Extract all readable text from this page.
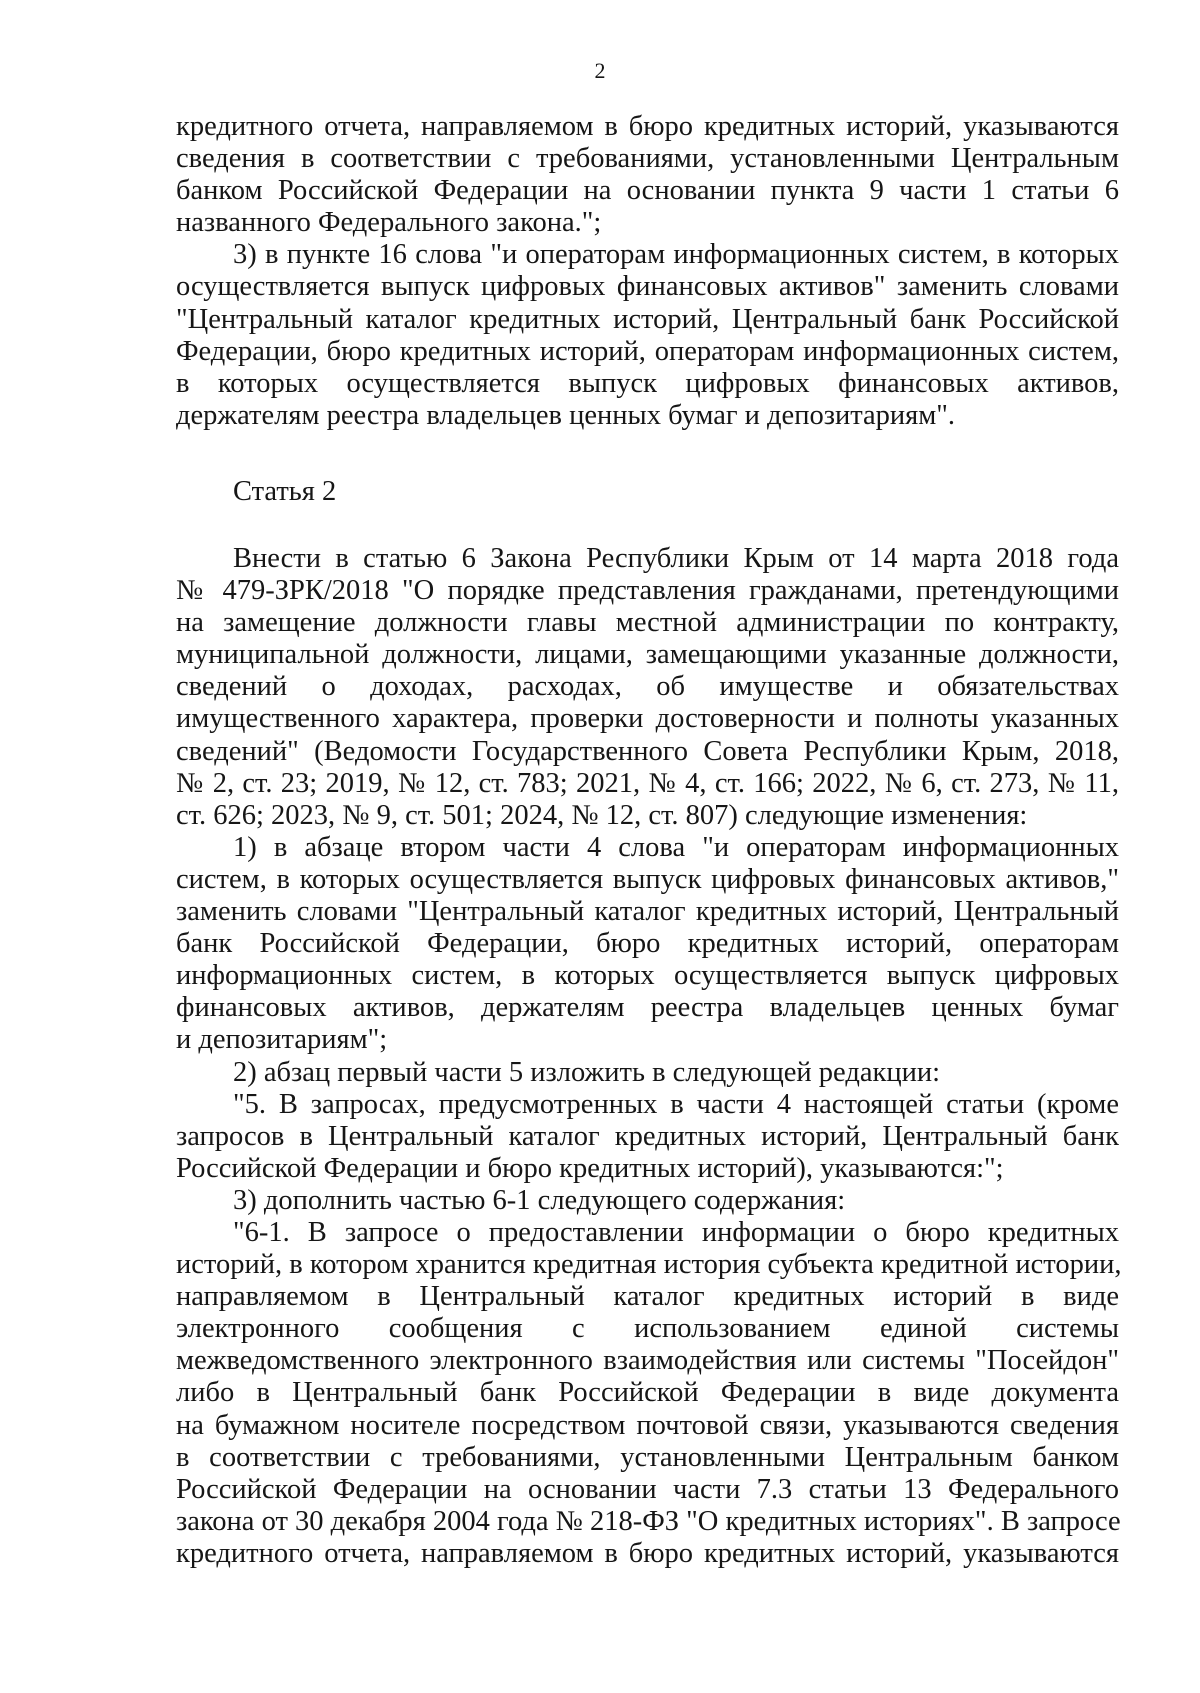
2
кредитного отчета, направляемом в бюро кредитных историй, указываются
сведения в соответствии с требованиями, установленными Центральным
банком Российской Федерации на основании пункта 9 части 1 статьи 6
названного Федерального закона.";
3) в пункте 16 слова "и операторам информационных систем, в которых
осуществляется выпуск цифровых финансовых активов" заменить словами
"Центральный каталог кредитных историй, Центральный банк Российской
Федерации, бюро кредитных историй, операторам информационных систем,
в которых осуществляется выпуск цифровых финансовых активов,
держателям реестра владельцев ценных бумаг и депозитариям".
Статья 2
Внести в статью 6 Закона Республики Крым от 14 марта 2018 года
№ 479-ЗРК/2018 "О порядке представления гражданами, претендующими
на замещение должности главы местной администрации по контракту,
муниципальной должности, лицами, замещающими указанные должности,
сведений о доходах, расходах, об имуществе и обязательствах
имущественного характера, проверки достоверности и полноты указанных
сведений" (Ведомости Государственного Совета Республики Крым, 2018,
№ 2, ст. 23; 2019, № 12, ст. 783; 2021, № 4, ст. 166; 2022, № 6, ст. 273, № 11,
ст. 626; 2023, № 9, ст. 501; 2024, № 12, ст. 807) следующие изменения:
1) в абзаце втором части 4 слова "и операторам информационных
систем, в которых осуществляется выпуск цифровых финансовых активов,"
заменить словами "Центральный каталог кредитных историй, Центральный
банк Российской Федерации, бюро кредитных историй, операторам
информационных систем, в которых осуществляется выпуск цифровых
финансовых активов, держателям реестра владельцев ценных бумаг
и депозитариям";
2) абзац первый части 5 изложить в следующей редакции:
"5. В запросах, предусмотренных в части 4 настоящей статьи (кроме
запросов в Центральный каталог кредитных историй, Центральный банк
Российской Федерации и бюро кредитных историй), указываются:";
3) дополнить частью 6-1 следующего содержания:
"6-1. В запросе о предоставлении информации о бюро кредитных
историй, в котором хранится кредитная история субъекта кредитной истории,
направляемом в Центральный каталог кредитных историй в виде
электронного сообщения с использованием единой системы
межведомственного электронного взаимодействия или системы "Посейдон"
либо в Центральный банк Российской Федерации в виде документа
на бумажном носителе посредством почтовой связи, указываются сведения
в соответствии с требованиями, установленными Центральным банком
Российской Федерации на основании части 7.3 статьи 13 Федерального
закона от 30 декабря 2004 года № 218-ФЗ "О кредитных историях". В запросе
кредитного отчета, направляемом в бюро кредитных историй, указываются
